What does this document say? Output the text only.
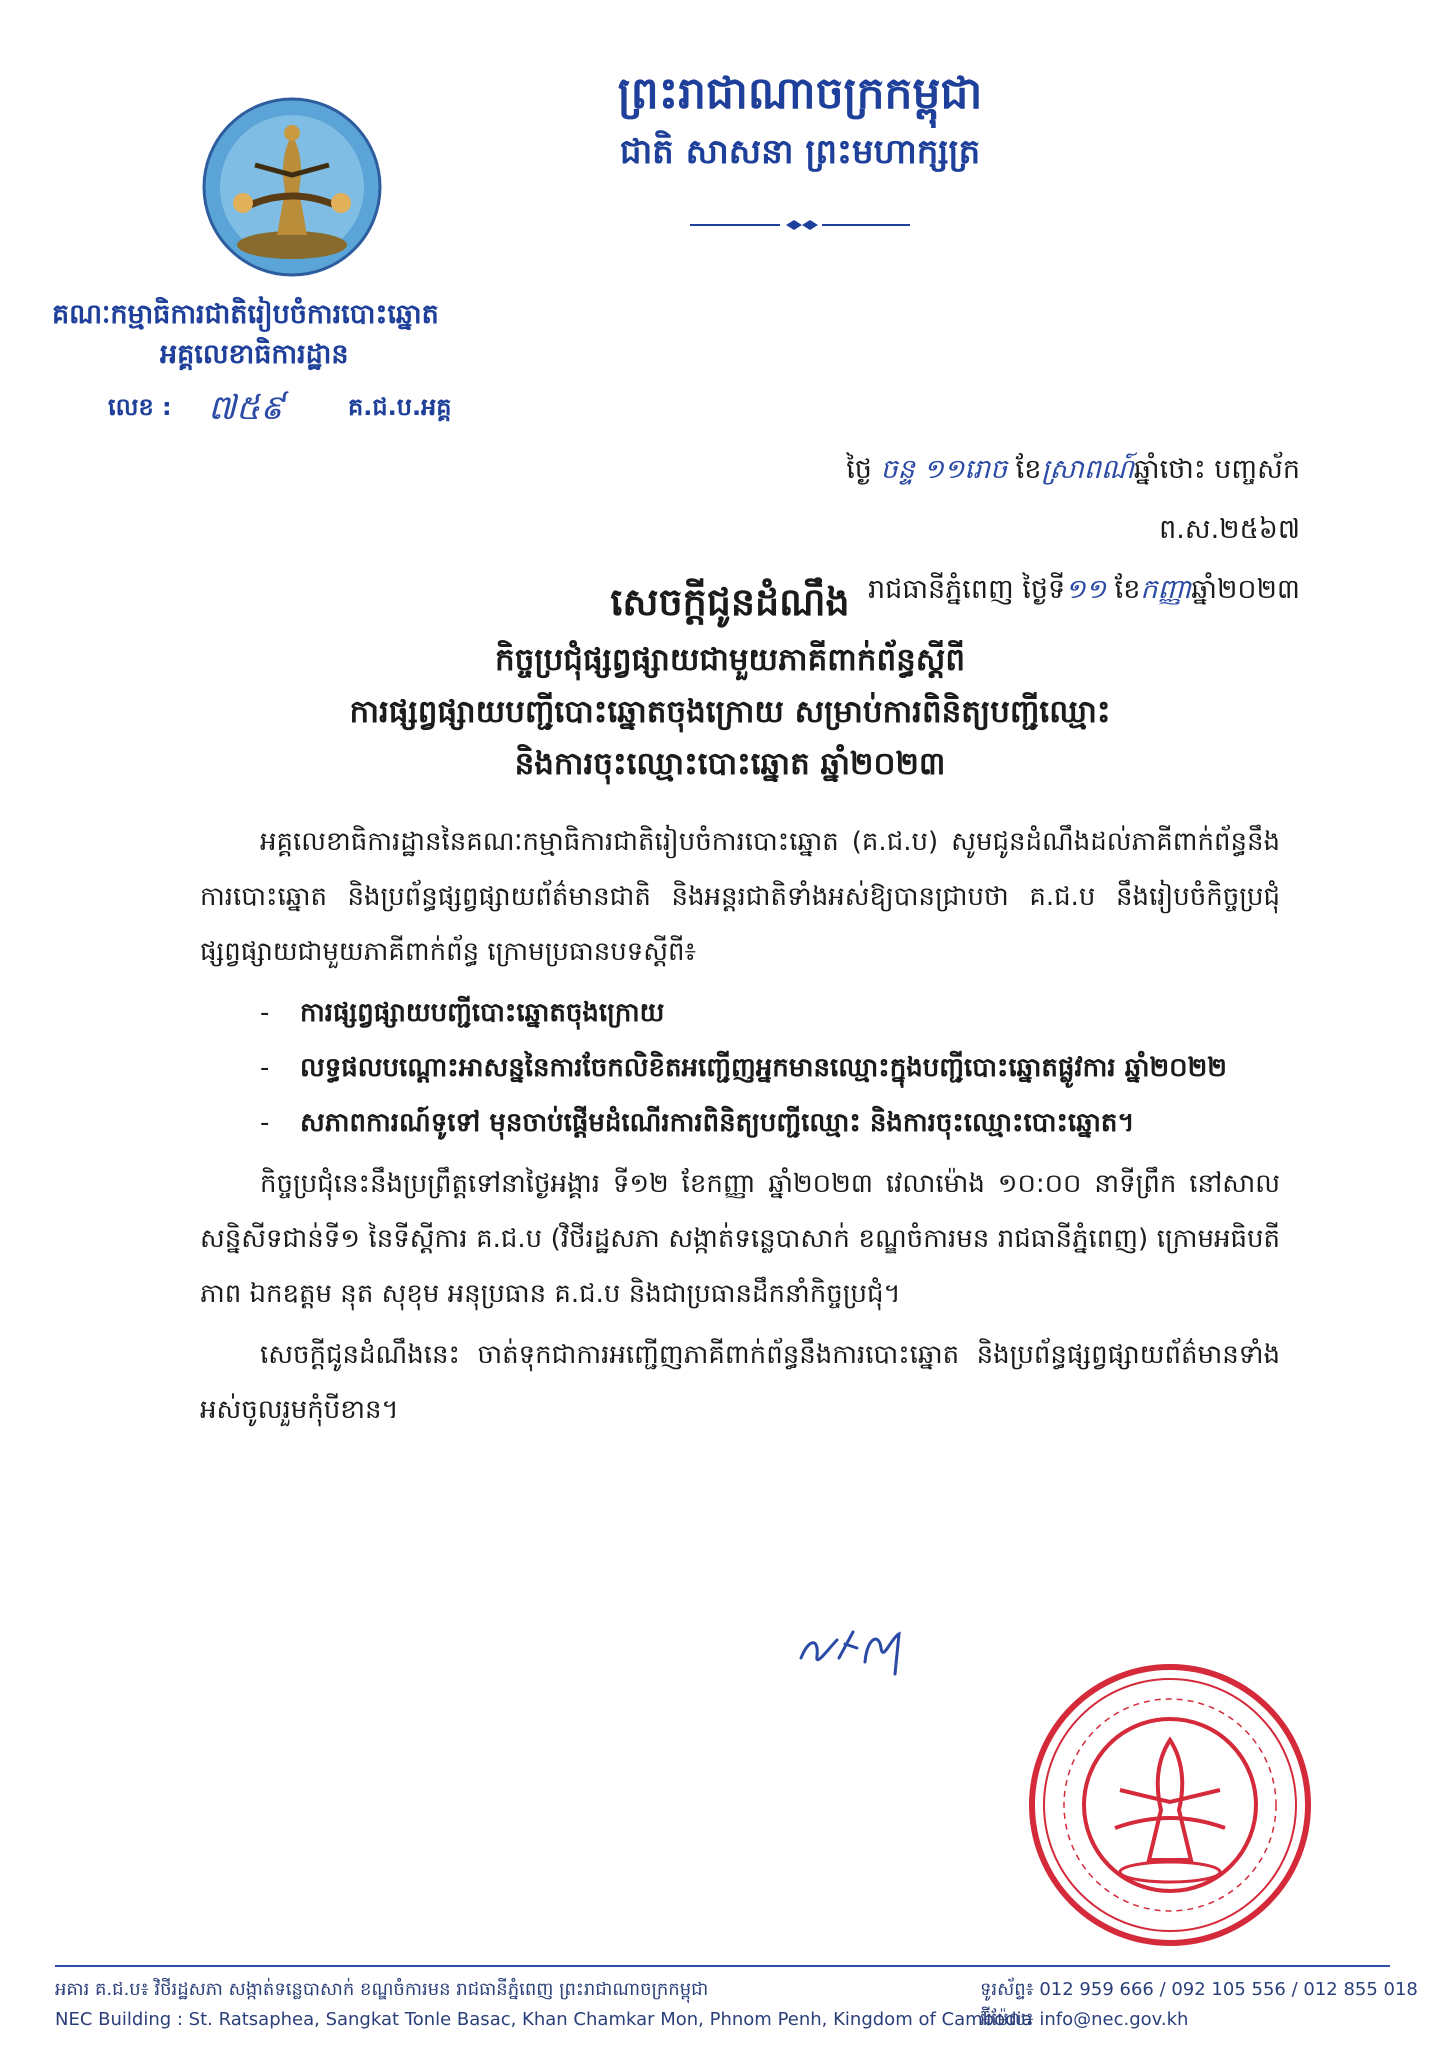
ព្រះរាជាណាចក្រកម្ពុជា
ជាតិ សាសនា ព្រះមហាក្សត្រ
គណៈកម្មាធិការជាតិរៀបចំការបោះឆ្នោត
អគ្គលេខាធិការដ្ឋាន
លេខ : ៧៥៩	គ.ជ.ប.អគ្គ
ថ្ងៃ ចន្ទ ១១រោច ខែស្រាពណ៍ឆ្នាំថោះ បញ្ចស័ក ព.ស.២៥៦៧
រាជធានីភ្នំពេញ ថ្ងៃទី១១ ខែកញ្ញាឆ្នាំ២០២៣
សេចក្តីជូនដំណឹង
កិច្ចប្រជុំផ្សព្វផ្សាយជាមួយភាគីពាក់ព័ន្ធស្តីពី
ការផ្សព្វផ្សាយបញ្ជីបោះឆ្នោតចុងក្រោយ សម្រាប់ការពិនិត្យបញ្ជីឈ្មោះ
និងការចុះឈ្មោះបោះឆ្នោត ឆ្នាំ២០២៣

អគ្គលេខាធិការដ្ឋាននៃគណៈកម្មាធិការជាតិរៀបចំការបោះឆ្នោត (គ.ជ.ប) សូមជូនដំណឹងដល់ភាគីពាក់ព័ន្ធនឹងការបោះឆ្នោត និងប្រព័ន្ធផ្សព្វផ្សាយព័ត៌មានជាតិ និងអន្តរជាតិទាំងអស់ឱ្យបានជ្រាបថា គ.ជ.ប នឹងរៀបចំកិច្ចប្រជុំផ្សព្វផ្សាយជាមួយភាគីពាក់ព័ន្ធ ក្រោមប្រធានបទស្តីពី៖

- ការផ្សព្វផ្សាយបញ្ជីបោះឆ្នោតចុងក្រោយ
- លទ្ធផលបណ្ដោះអាសន្ននៃការចែកលិខិតអញ្ជើញអ្នកមានឈ្មោះក្នុងបញ្ជីបោះឆ្នោតផ្លូវការ ឆ្នាំ២០២២
- សភាពការណ៍ទូទៅ មុនចាប់ផ្តើមដំណើរការពិនិត្យបញ្ជីឈ្មោះ និងការចុះឈ្មោះបោះឆ្នោត។

កិច្ចប្រជុំនេះនឹងប្រព្រឹត្តទៅនាថ្ងៃអង្គារ ទី១២ ខែកញ្ញា ឆ្នាំ២០២៣ វេលាម៉ោង ១០:០០ នាទីព្រឹក នៅសាលសន្និសីទជាន់ទី១ នៃទីស្តីការ គ.ជ.ប (វិថីរដ្ឋសភា សង្កាត់ទន្លេបាសាក់ ខណ្ឌចំការមន រាជធានីភ្នំពេញ) ក្រោមអធិបតីភាព ឯកឧត្តម នុត សុខុម អនុប្រធាន គ.ជ.ប និងជាប្រធានដឹកនាំកិច្ចប្រជុំ។

សេចក្តីជូនដំណឹងនេះ ចាត់ទុកជាការអញ្ជើញភាគីពាក់ព័ន្ធនឹងការបោះឆ្នោត និងប្រព័ន្ធផ្សព្វផ្សាយព័ត៌មានទាំងអស់ចូលរួមកុំបីខាន។

អគារ គ.ជ.ប៖ វិថីរដ្ឋសភា សង្កាត់ទន្លេបាសាក់ ខណ្ឌចំការមន រាជធានីភ្នំពេញ ព្រះរាជាណាចក្រកម្ពុជា
NEC Building : St. Ratsaphea, Sangkat Tonle Basac, Khan Chamkar Mon, Phnom Penh, Kingdom of Cambodia
ទូរស័ព្ទ៖ 012 959 666 / 092 105 556 / 012 855 018
អ៊ីម៉ែល៖ info@nec.gov.kh
